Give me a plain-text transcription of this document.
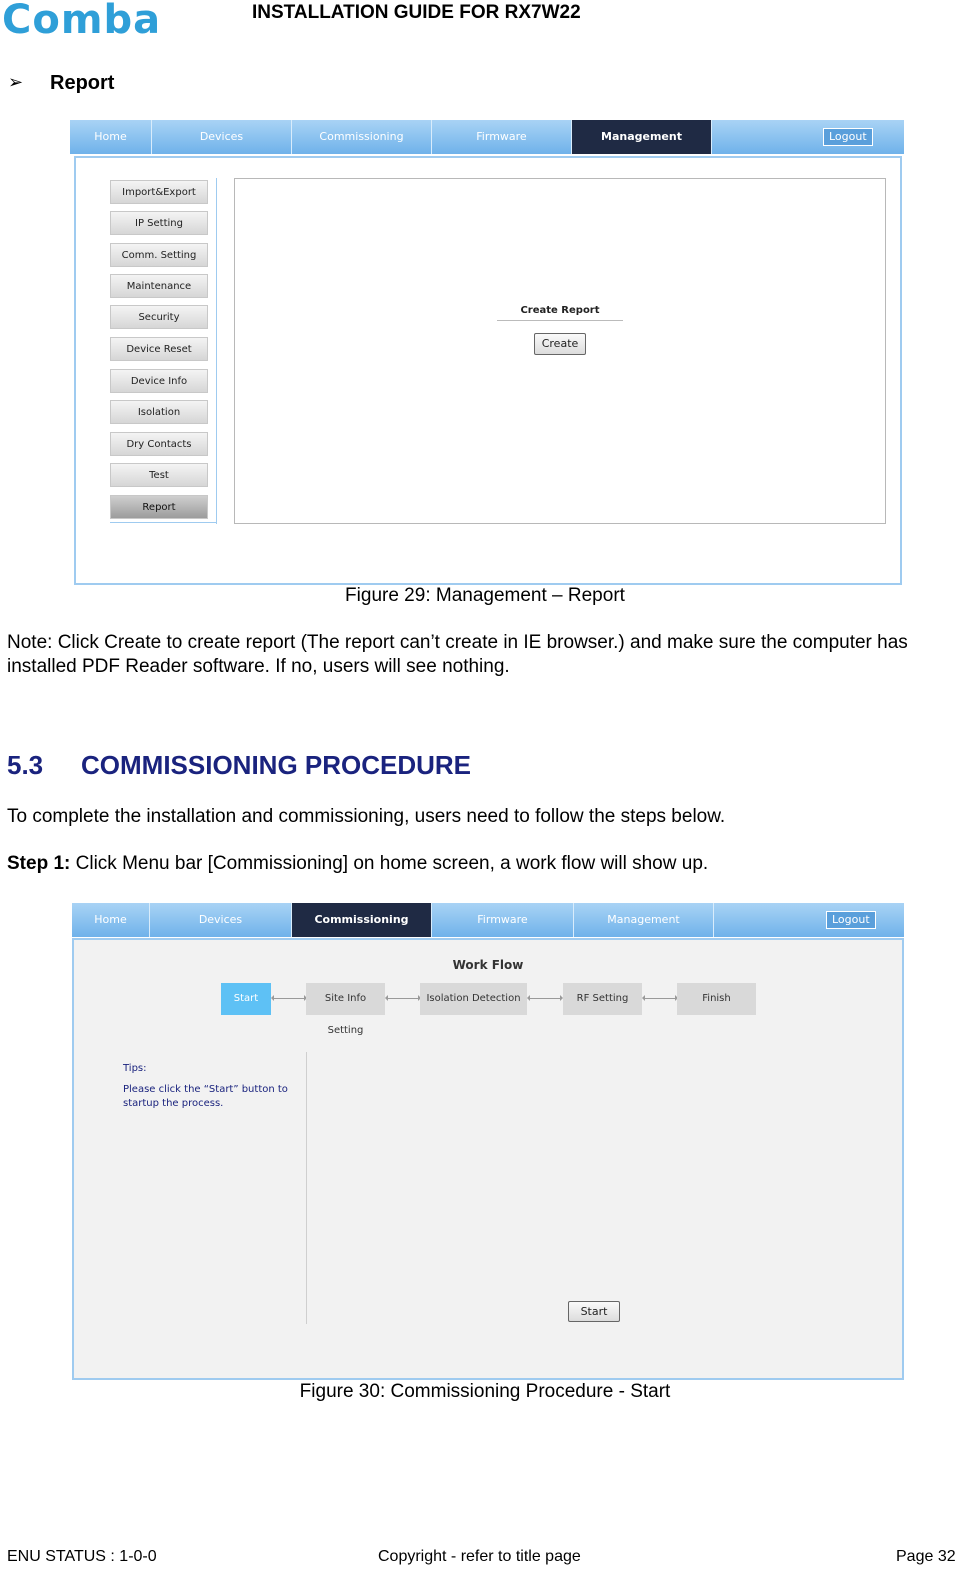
Comba	INSTALLATION GUIDE FOR RX7W22
➢ Report
Home	Devices	Commissioning	Firmware	Management	Logout
Import&Export
IP Setting
Comm. Setting
Maintenance
Security
Device Reset
Device Info
Isolation
Dry Contacts
Test
Report
Create Report
Create
Figure 29: Management – Report
Note: Click Create to create report (The report can’t create in IE browser.) and make sure the computer has installed PDF Reader software. If no, users will see nothing.
5.3 COMMISSIONING PROCEDURE
To complete the installation and commissioning, users need to follow the steps below.
Step 1: Click Menu bar [Commissioning] on home screen, a work flow will show up.
Home	Devices	Commissioning	Firmware	Management	Logout
Work Flow
Start	Site Info Setting
Isolation Detection	RF Setting	Finish
Tips:
Please click the “Start” button to startup the process.
Start
Figure 30: Commissioning Procedure - Start
ENU STATUS : 1-0-0	Copyright - refer to title page	Page 32
